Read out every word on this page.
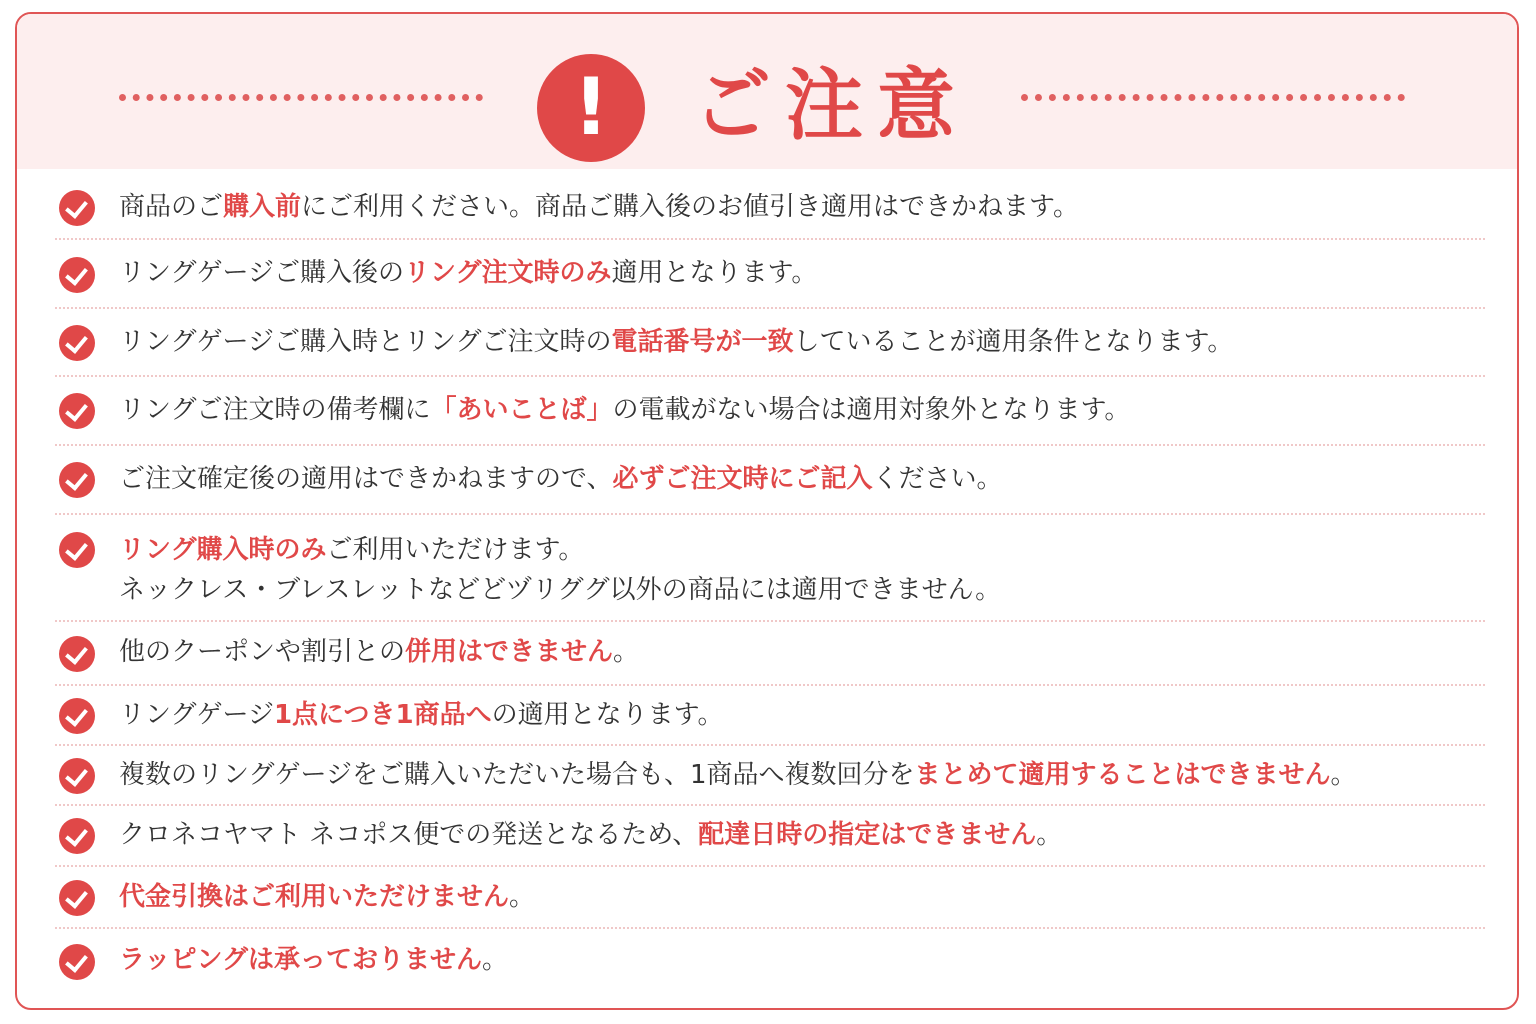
!	ご注意
商品のご購入前にご利用ください。商品ご購入後のお値引き適用はできかねます。
リングゲージご購入後のリング注文時のみ適用となります。
リングゲージご購入時とリングご注文時の電話番号が一致していることが適用条件となります。
リングご注文時の備考欄に「あいことば」の電載がない場合は適用対象外となります。
ご注文確定後の適用はできかねますので、必ずご注文時にご記入ください。
リング購入時のみご利用いただけます。
ネックレス・ブレスレットなどどヅリググ以外の商品には適用できません。
他のクーポンや割引との併用はできません。
リングゲージ1点につき1商品への適用となります。
複数のリングゲージをご購入いただいた場合も、1商品へ複数回分をまとめて適用することはできません。
クロネコヤマト ネコポス便での発送となるため、配達日時の指定はできません。
代金引換はご利用いただけません。
ラッピングは承っておりません。
